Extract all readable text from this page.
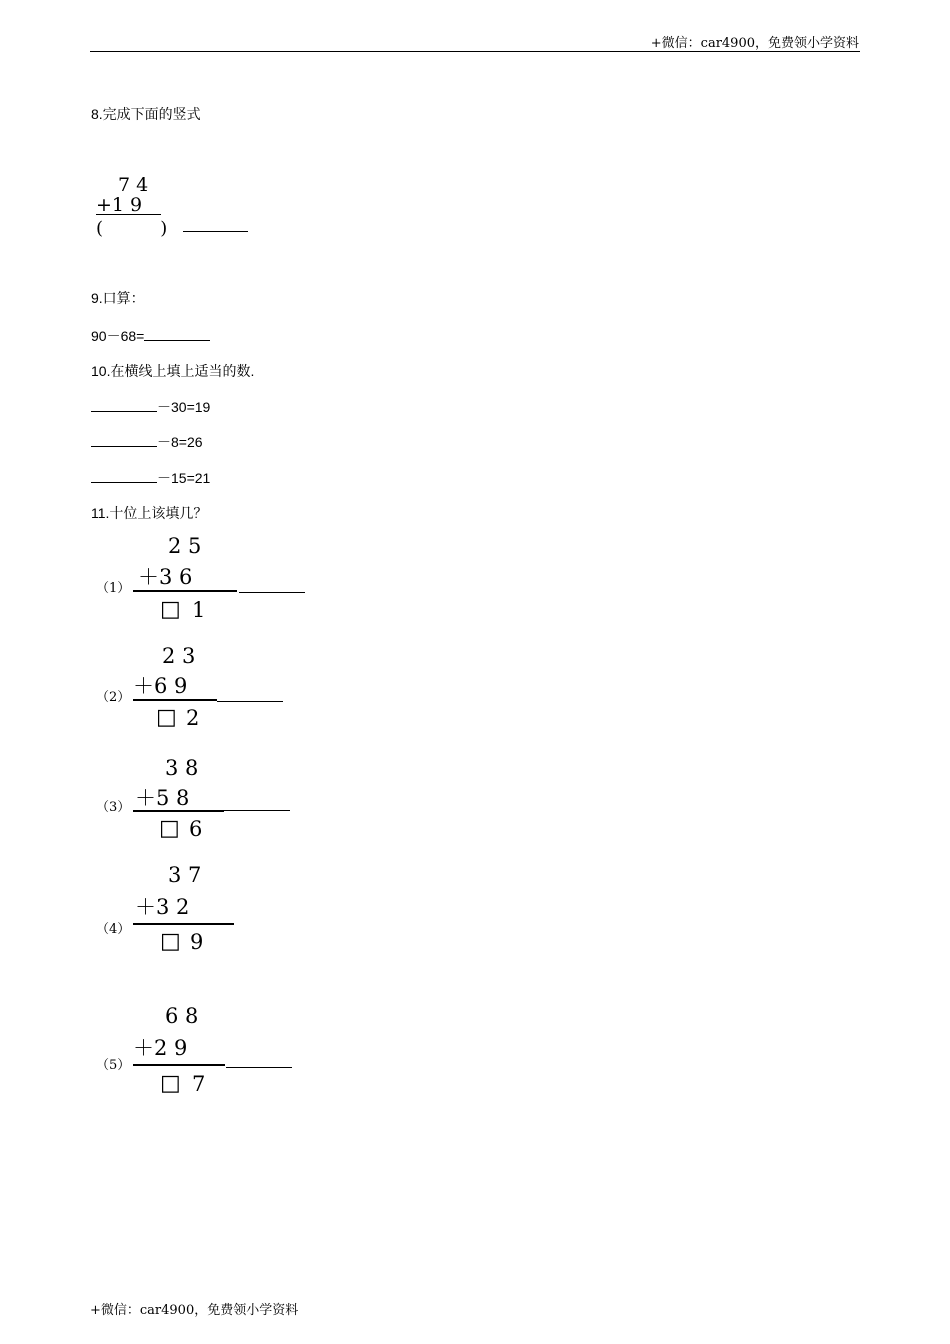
+微信：car4900，免费领小学资料
8.完成下面的竖式
7 4
+1 9
(          )
9.口算：
90－68=
10.在横线上填上适当的数.
－30=19
－8=26
－15=21
11.十位上该填几？
（1）
2 5
＋3 6
□ 1
（2）
2 3
＋6 9
□ 2
（3）
3 8
＋5 8
□ 6
（4）
3 7
＋3 2
□ 9
（5）
6 8
＋2 9
□ 7
+微信：car4900，免费领小学资料
